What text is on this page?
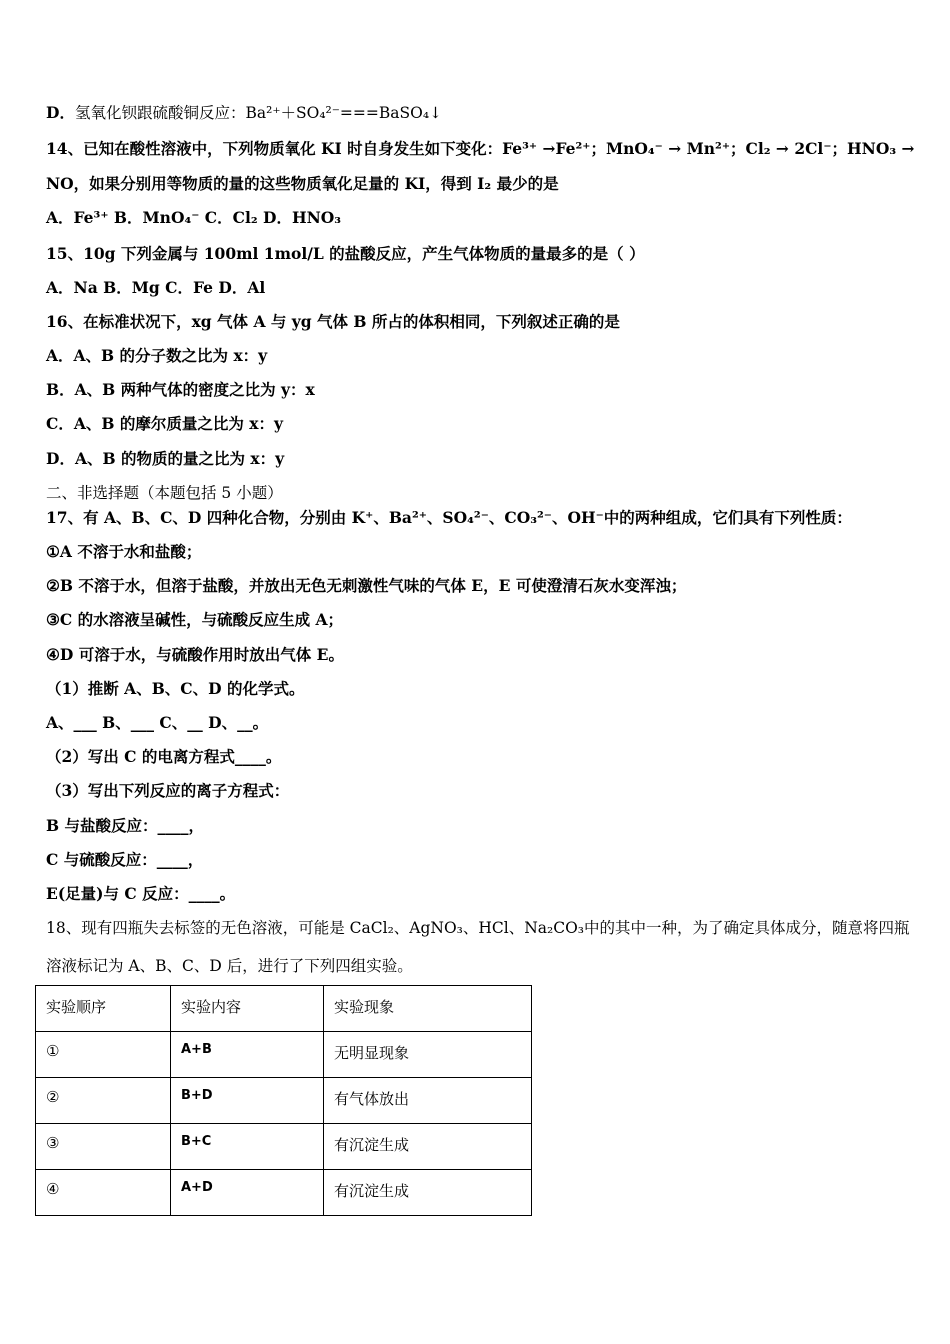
D．氢氧化钡跟硫酸铜反应：Ba²⁺＋SO₄²⁻===BaSO₄↓
14、已知在酸性溶液中，下列物质氧化 KI 时自身发生如下变化：Fe³⁺ →Fe²⁺；MnO₄⁻ → Mn²⁺；Cl₂ → 2Cl⁻；HNO₃ →
NO，如果分别用等物质的量的这些物质氧化足量的 KI，得到 I₂ 最少的是
A．Fe³⁺ B．MnO₄⁻ C．Cl₂ D．HNO₃
15、10g 下列金属与 100ml 1mol/L 的盐酸反应，产生气体物质的量最多的是（ ）
A．Na B．Mg C．Fe D．Al
16、在标准状况下，xg 气体 A 与 yg 气体 B 所占的体积相同，下列叙述正确的是
A．A、B 的分子数之比为 x：y
B．A、B 两种气体的密度之比为 y：x
C．A、B 的摩尔质量之比为 x：y
D．A、B 的物质的量之比为 x：y
二、非选择题（本题包括 5 小题）
17、有 A、B、C、D 四种化合物，分别由 K⁺、Ba²⁺、SO₄²⁻、CO₃²⁻、OH⁻中的两种组成，它们具有下列性质：
①A 不溶于水和盐酸；
②B 不溶于水，但溶于盐酸，并放出无色无刺激性气味的气体 E，E 可使澄清石灰水变浑浊；
③C 的水溶液呈碱性，与硫酸反应生成 A；
④D 可溶于水，与硫酸作用时放出气体 E。
（1）推断 A、B、C、D 的化学式。
A、___ B、___ C、__ D、__。
（2）写出 C 的电离方程式____。
（3）写出下列反应的离子方程式：
B 与盐酸反应：____，
C 与硫酸反应：____，
E(足量)与 C 反应：____。
18、现有四瓶失去标签的无色溶液，可能是 CaCl₂、AgNO₃、HCl、Na₂CO₃中的其中一种，为了确定具体成分，随意将四瓶
溶液标记为 A、B、C、D 后，进行了下列四组实验。
实验顺序	实验内容	实验现象
①	A+B	无明显现象
②	B+D	有气体放出
③	B+C	有沉淀生成
④	A+D	有沉淀生成
